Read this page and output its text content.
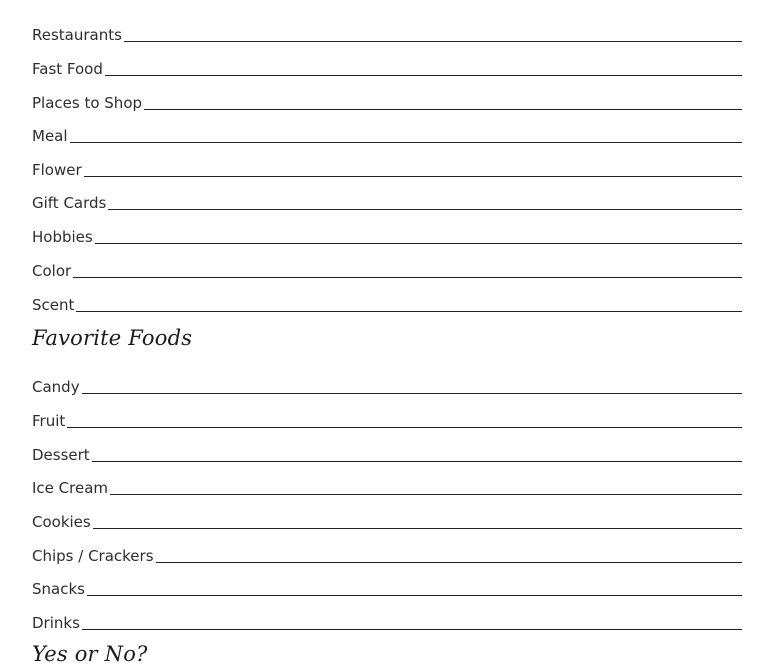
Restaurants
Fast Food
Places to Shop
Meal
Flower
Gift Cards
Hobbies
Color
Scent
Favorite Foods
Candy
Fruit
Dessert
Ice Cream
Cookies
Chips / Crackers
Snacks
Drinks
Yes or No?
